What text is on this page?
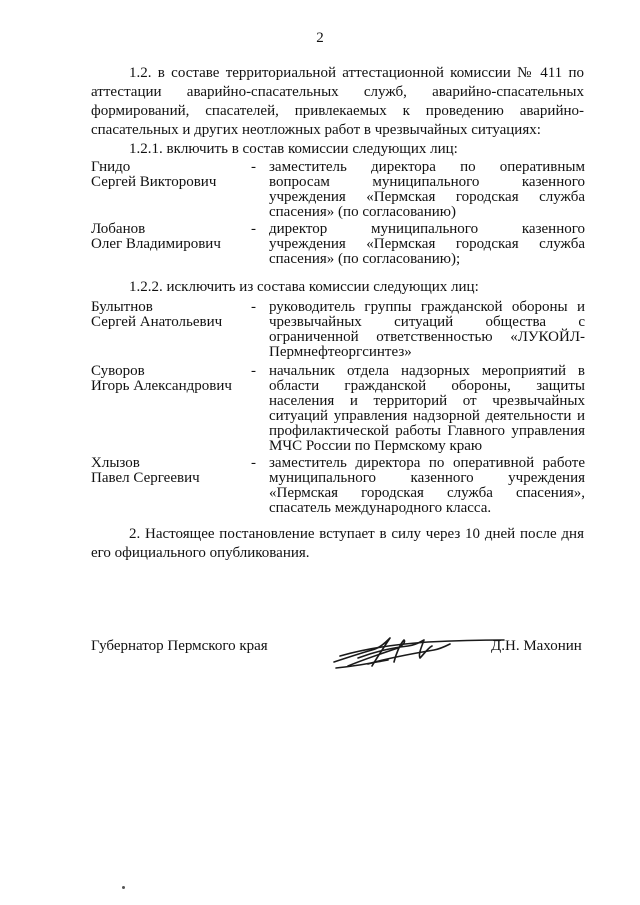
2
1.2. в составе территориальной аттестационной комиссии № 411 по аттестации аварийно-спасательных служб, аварийно-спасательных формирований, спасателей, привлекаемых к проведению аварийно-спасательных и других неотложных работ в чрезвычайных ситуациях:
1.2.1. включить в состав комиссии следующих лиц:
Гнидо
Сергей Викторович
- заместитель директора по оперативным вопросам муниципального казенного учреждения «Пермская городская служба спасения» (по согласованию)
Лобанов
Олег Владимирович
- директор муниципального казенного учреждения «Пермская городская служба спасения» (по согласованию);
1.2.2. исключить из состава комиссии следующих лиц:
Булытнов
Сергей Анатольевич
- руководитель группы гражданской обороны и чрезвычайных ситуаций общества с ограниченной ответственностью «ЛУКОЙЛ-Пермнефтеоргсинтез»
Суворов
Игорь Александрович
- начальник отдела надзорных мероприятий в области гражданской обороны, защиты населения и территорий от чрезвычайных ситуаций управления надзорной деятельности и профилактической работы Главного управления МЧС России по Пермскому краю
Хлызов
Павел Сергеевич
- заместитель директора по оперативной работе муниципального казенного учреждения «Пермская городская служба спасения», спасатель международного класса.
2. Настоящее постановление вступает в силу через 10 дней после дня его официального опубликования.
Губернатор Пермского края	Д.Н. Махонин
